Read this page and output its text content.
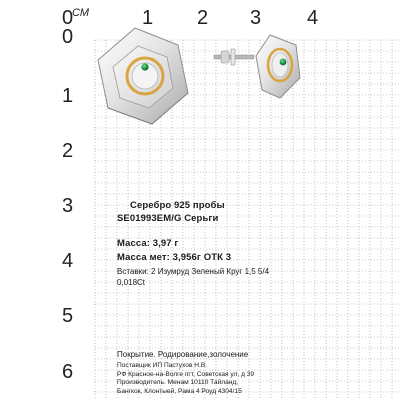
СМ
0	1 2 3 4
0
1
2
3
4
5
6
Серебро 925 пробы
SE01993EM/G Серьги
Масса: 3,97 г
Масса мет: 3,956г ОТК 3
Вставки: 2 Изумруд Зеленый Круг 1,5 5/4
0,018Ct
Покрытие. Родирование,золочение
Поставщик ИП Пастухов Н.В.
РФ Красное-на-Волге пгт, Советская ул, д 39
Производитель. Менам 10110 Тайланд,
Бангкок, Клонтыей, Рама 4 Роуд 4304/15
